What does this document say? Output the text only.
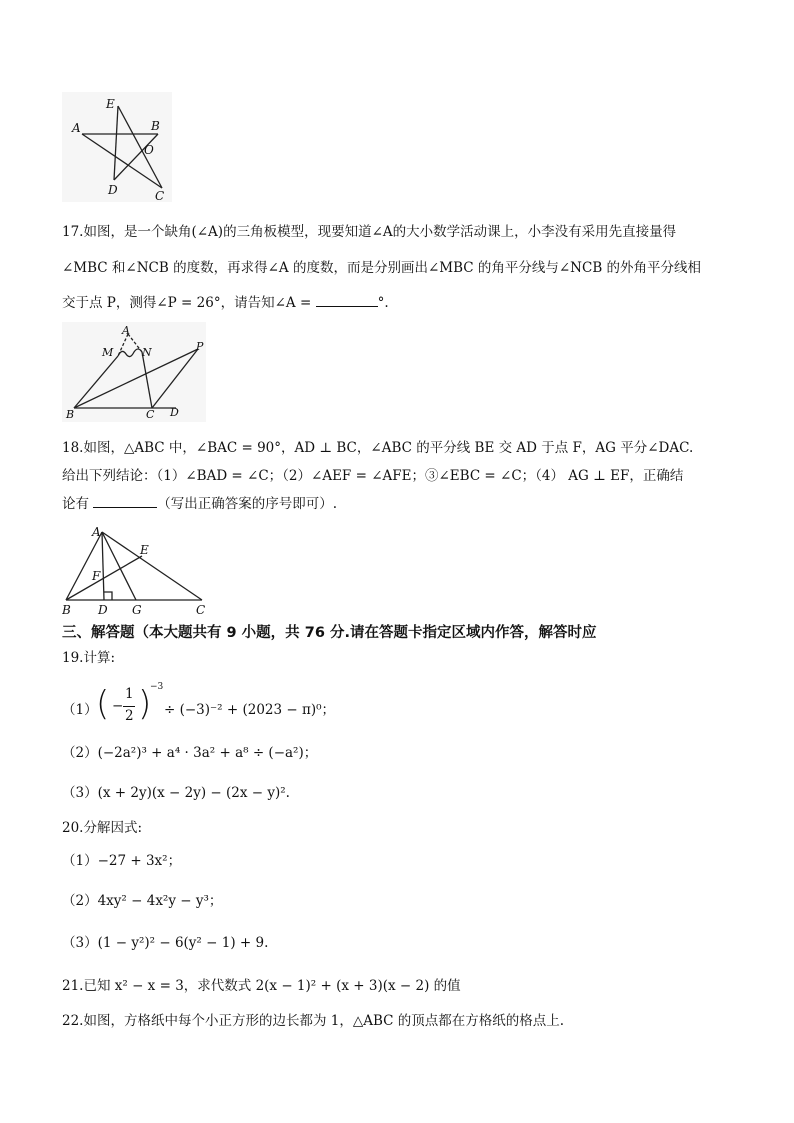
E
A	B
O
D	C
17.如图，是一个缺角(∠A)的三角板模型，现要知道∠A的大小数学活动课上，小李没有采用先直接量得
∠MBC 和∠NCB 的度数，再求得∠A 的度数，而是分别画出∠MBC 的角平分线与∠NCB 的外角平分线相
交于点 P，测得∠P = 26°，请告知∠A =	°.
A
M	N	P
B	C D
18.如图，△ABC 中，∠BAC = 90°，AD ⊥ BC，∠ABC 的平分线 BE 交 AD 于点 F，AG 平分∠DAC.
给出下列结论：（1）∠BAD = ∠C；（2）∠AEF = ∠AFE；③∠EBC = ∠C；（4） AG ⊥ EF，正确结
论有	（写出正确答案的序号即可）.
A
E
F
B D G	C
三、解答题（本大题共有 9 小题，共 76 分.请在答题卡指定区域内作答，解答时应
19.计算:
（1）
( −
1
2 )
−3
÷ (−3)⁻² + (2023 − π)⁰；
（2）(−2a²)³ + a⁴ · 3a² + a⁸ ÷ (−a²)；
（3）(x + 2y)(x − 2y) − (2x − y)².
20.分解因式:
（1）−27 + 3x²；
（2）4xy² − 4x²y − y³；
（3）(1 − y²)² − 6(y² − 1) + 9.
21.已知 x² − x = 3，求代数式 2(x − 1)² + (x + 3)(x − 2) 的值
22.如图，方格纸中每个小正方形的边长都为 1，△ABC 的顶点都在方格纸的格点上.
